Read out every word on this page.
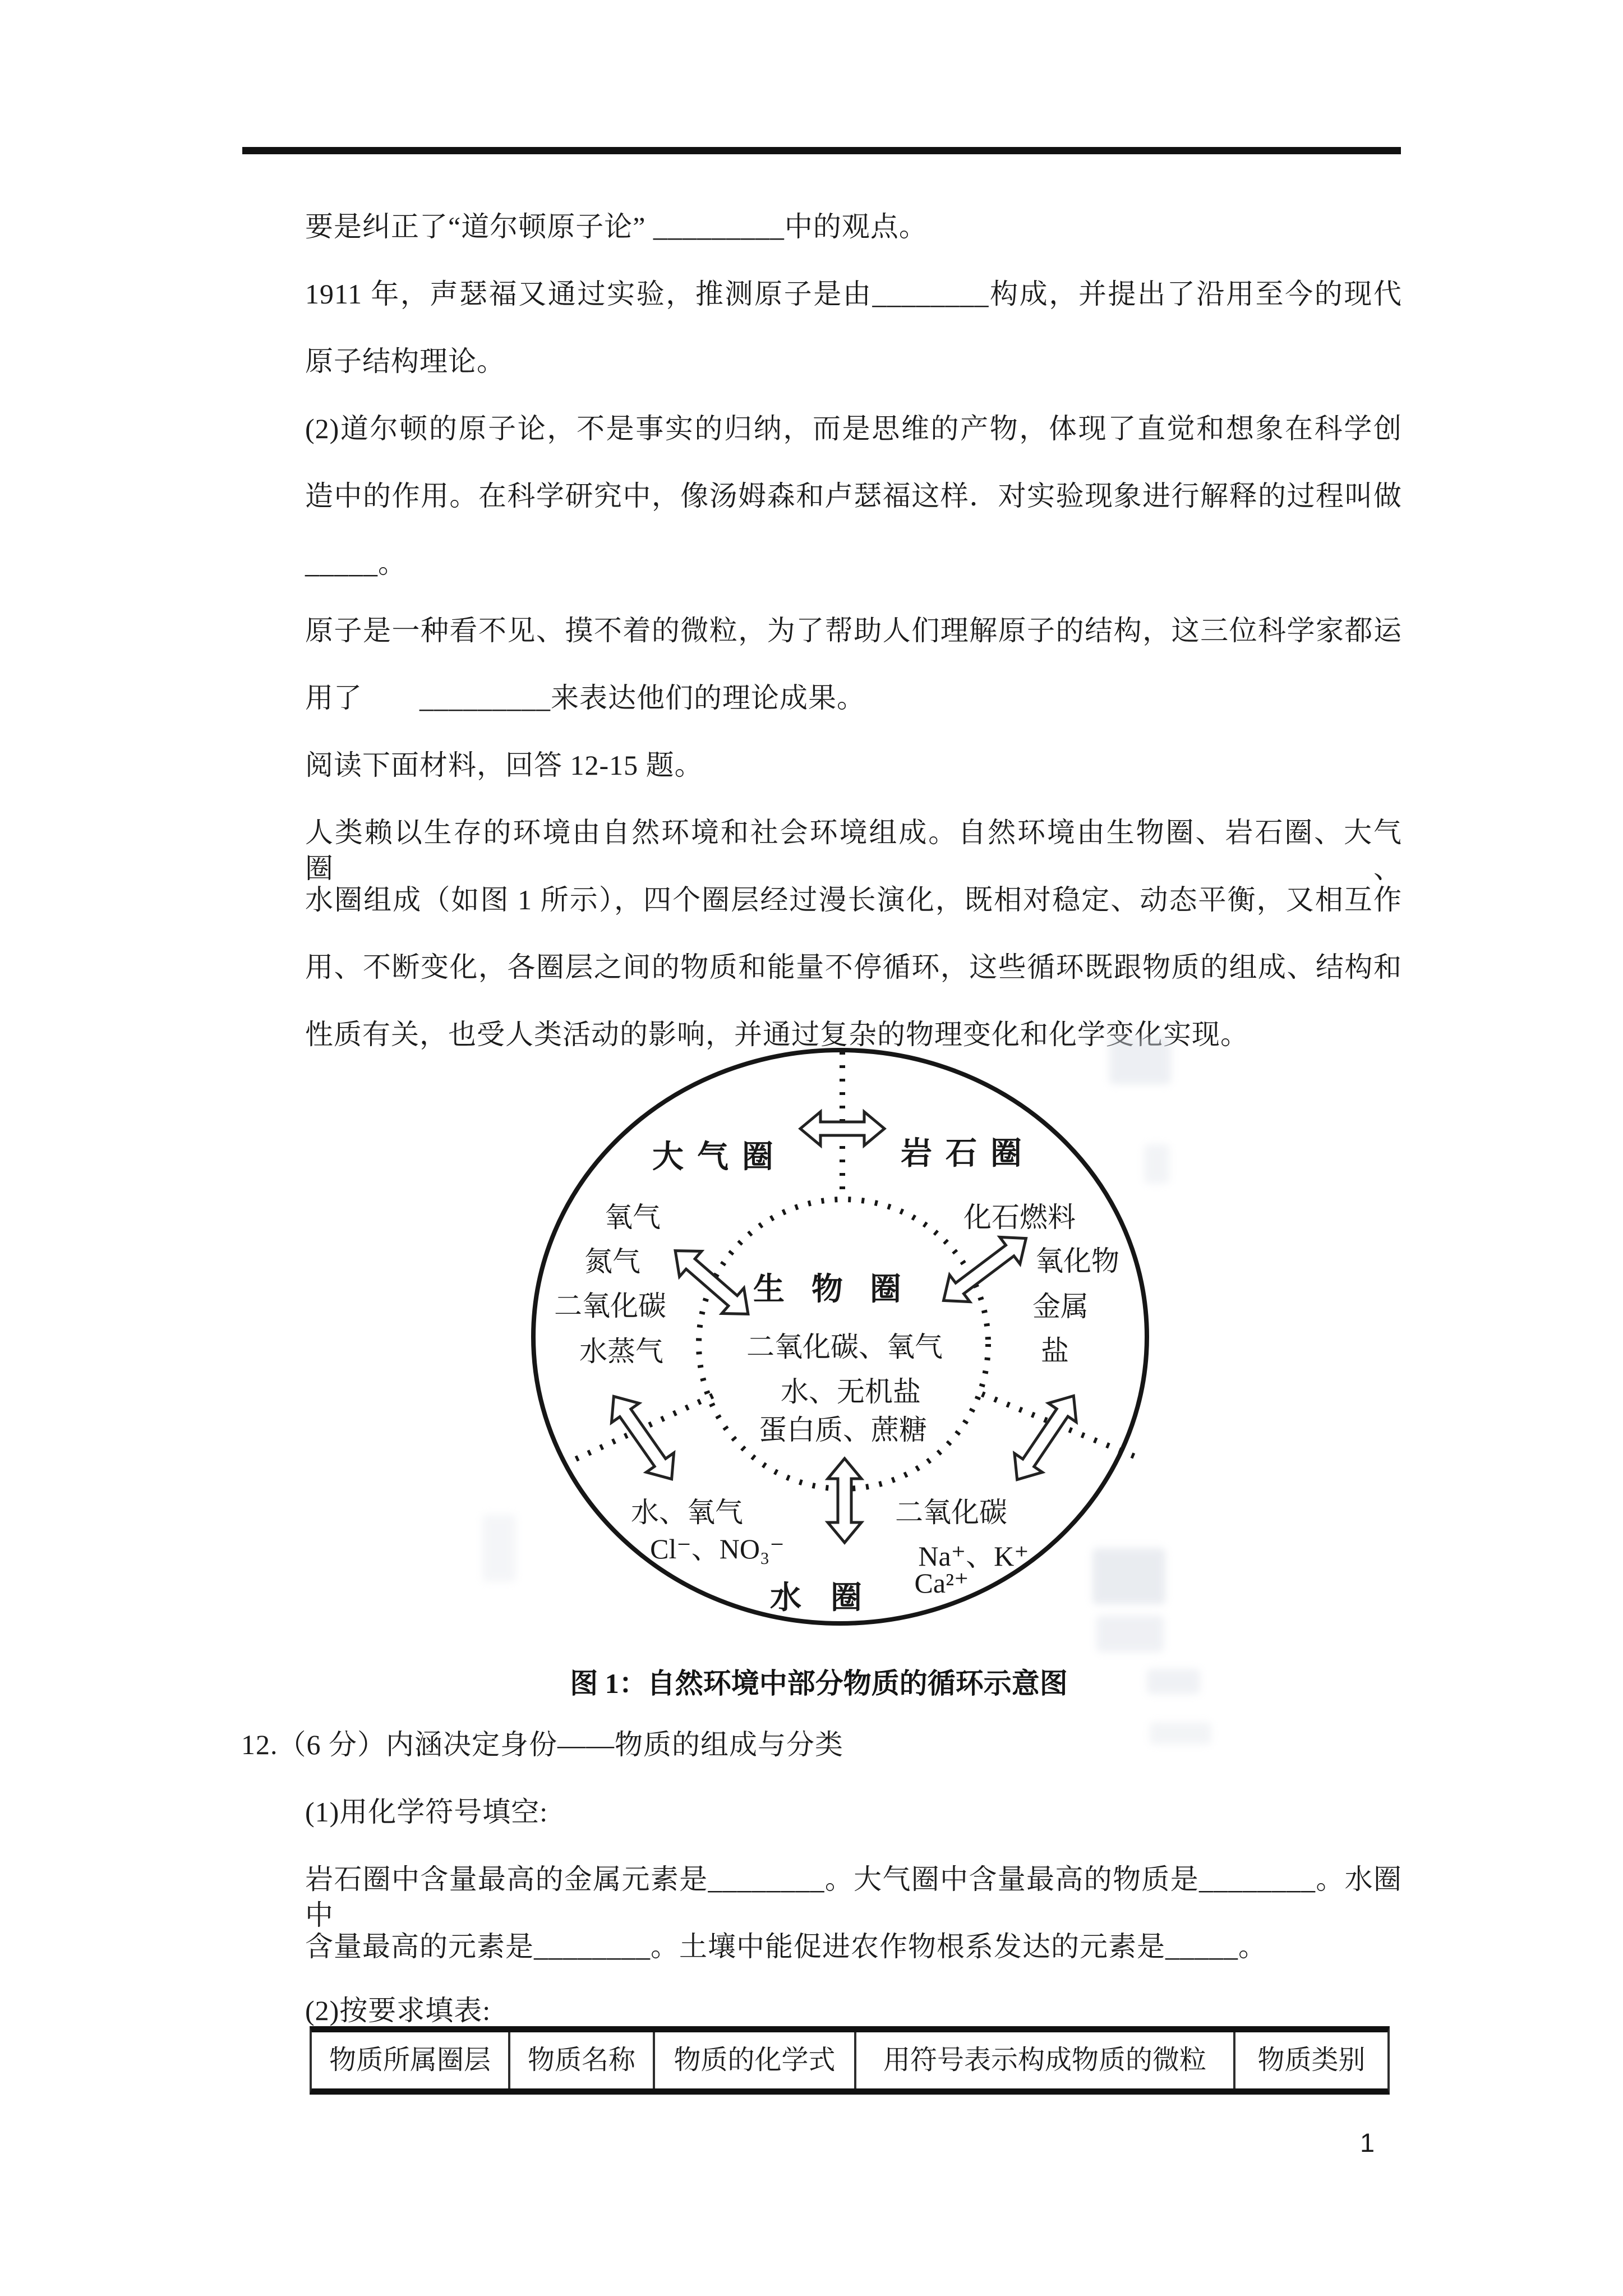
要是纠正了“道尔顿原子论” _________中的观点。
1911 年，声瑟福又通过实验，推测原子是由________构成，并提出了沿用至今的现代
原子结构理论。
(2)道尔顿的原子论，不是事实的归纳，而是思维的产物，体现了直觉和想象在科学创
造中的作用。在科学研究中，像汤姆森和卢瑟福这样．对实验现象进行解释的过程叫做
_____。
原子是一种看不见、摸不着的微粒，为了帮助人们理解原子的结构，这三位科学家都运
用了　　_________来表达他们的理论成果。
阅读下面材料，回答 12-15 题。
人类赖以生存的环境由自然环境和社会环境组成。自然环境由生物圈、岩石圈、大气圈、
水圈组成（如图 1 所示），四个圈层经过漫长演化，既相对稳定、动态平衡，又相互作
用、不断变化，各圈层之间的物质和能量不停循环，这些循环既跟物质的组成、结构和
性质有关，也受人类活动的影响，并通过复杂的物理变化和化学变化实现。
大气圈	岩石圈
生物圈
水圈
氧气
氮气
二氧化碳
水蒸气
化石燃料
氧化物
金属
盐
二氧化碳、氧气
水、无机盐
蛋白质、蔗糖
水、氧气
Cl⁻、NO₃⁻
二氧化碳
Na⁺、K⁺
Ca²⁺
图 1：自然环境中部分物质的循环示意图
12.（6 分）内涵决定身份——物质的组成与分类
(1)用化学符号填空:
岩石圈中含量最高的金属元素是________。大气圈中含量最高的物质是________。水圈中
含量最高的元素是________。土壤中能促进农作物根系发达的元素是_____。
(2)按要求填表:
物质所属圈层	物质名称	物质的化学式	用符号表示构成物质的微粒	物质类别
1
